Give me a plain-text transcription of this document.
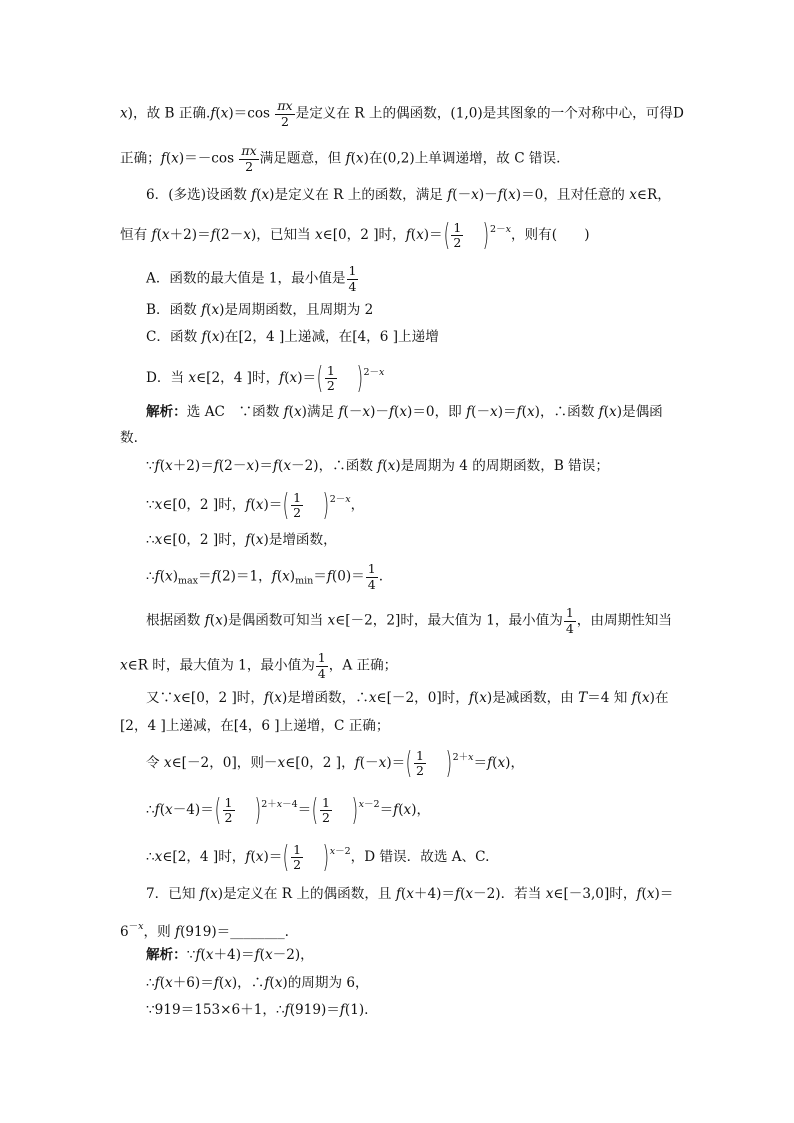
x)，故 B 正确$.f(x)=\cos \frac{\pi x}{2}$ 是定义在 R 上的偶函数，(1,0)是其图象的一个对称中心，可得D
正确；$f(x)=-\cos \frac{\pi x}{2}$ 满足题意，但 f(x)在(0,2)上单调递增，故 C 错误.
6．(多选)设函数 f(x)是定义在 R 上的函数，满足 f(－x)－f(x)＝0，且对任意的 x∈R，
恒有 f(x＋2)＝f(2－x)，已知当 x∈[0，2 ]时，$f(x)=( \frac{1}{2} )^{2-x}$，则有(　　)
A．函数的最大值是 1，最小值是 $\frac{1}{4}$
B．函数 f(x)是周期函数，且周期为 2
C．函数 f(x)在[2，4 ]上递减，在[4，6 ]上递增
D．当 x∈[2，4 ]时，$f(x)=( \frac{1}{2} )^{2-x}$
解析：选 AC　∵函数 f(x)满足 f(－x)－f(x)＝0，即 f(－x)＝f(x)，∴函数 f(x)是偶函
数.
∵f(x＋2)＝f(2－x)＝f(x－2)，∴函数 f(x)是周期为 4 的周期函数，B 错误；
∵x∈[0，2 ]时，$f(x)=( \frac{1}{2} )^{2-x}$，
∴x∈[0，2 ]时，f(x)是增函数，
$\therefore f(x)_{max}=f(2)=1$，$f(x)_{min}=f(0)= \frac{1}{4}$ .
根据函数 f(x)是偶函数可知当 x∈[－2，2]时，最大值为 1，最小值为 $\frac{1}{4}$ ，由周期性知当
x∈R 时，最大值为 1，最小值为 $\frac{1}{4}$ ，A 正确；
又∵x∈[0，2 ]时，f(x)是增函数，∴x∈[－2，0]时，f(x)是减函数，由 T＝4 知 f(x)在
[2，4 ]上递减，在[4，6 ]上递增，C 正确；
令 x∈[－2，0]，则－x∈[0，2 ]，$f(-x)=( \frac{1}{2} )^{2+x}=f(x)$，
∴f(x－4)＝( $\frac{1}{2} )^{2+x-4}=( \frac{1}{2} )^{x-2}=f(x)$，
∴x∈[2，4 ]时，$f(x)=( \frac{1}{2} )^{x-2}$，D 错误．故选 A、C.
7．已知 f(x)是定义在 R 上的偶函数，且 f(x＋4)＝f(x－2)．若当 x∈[－3,0]时，f(x)＝
$6^{-x}$，则 f(919)＝________.
解析：∵f(x＋4)＝f(x－2)，
∴f(x＋6)＝f(x)，∴f(x)的周期为 6，
∵919＝153×6＋1，∴f(919)＝f(1).
